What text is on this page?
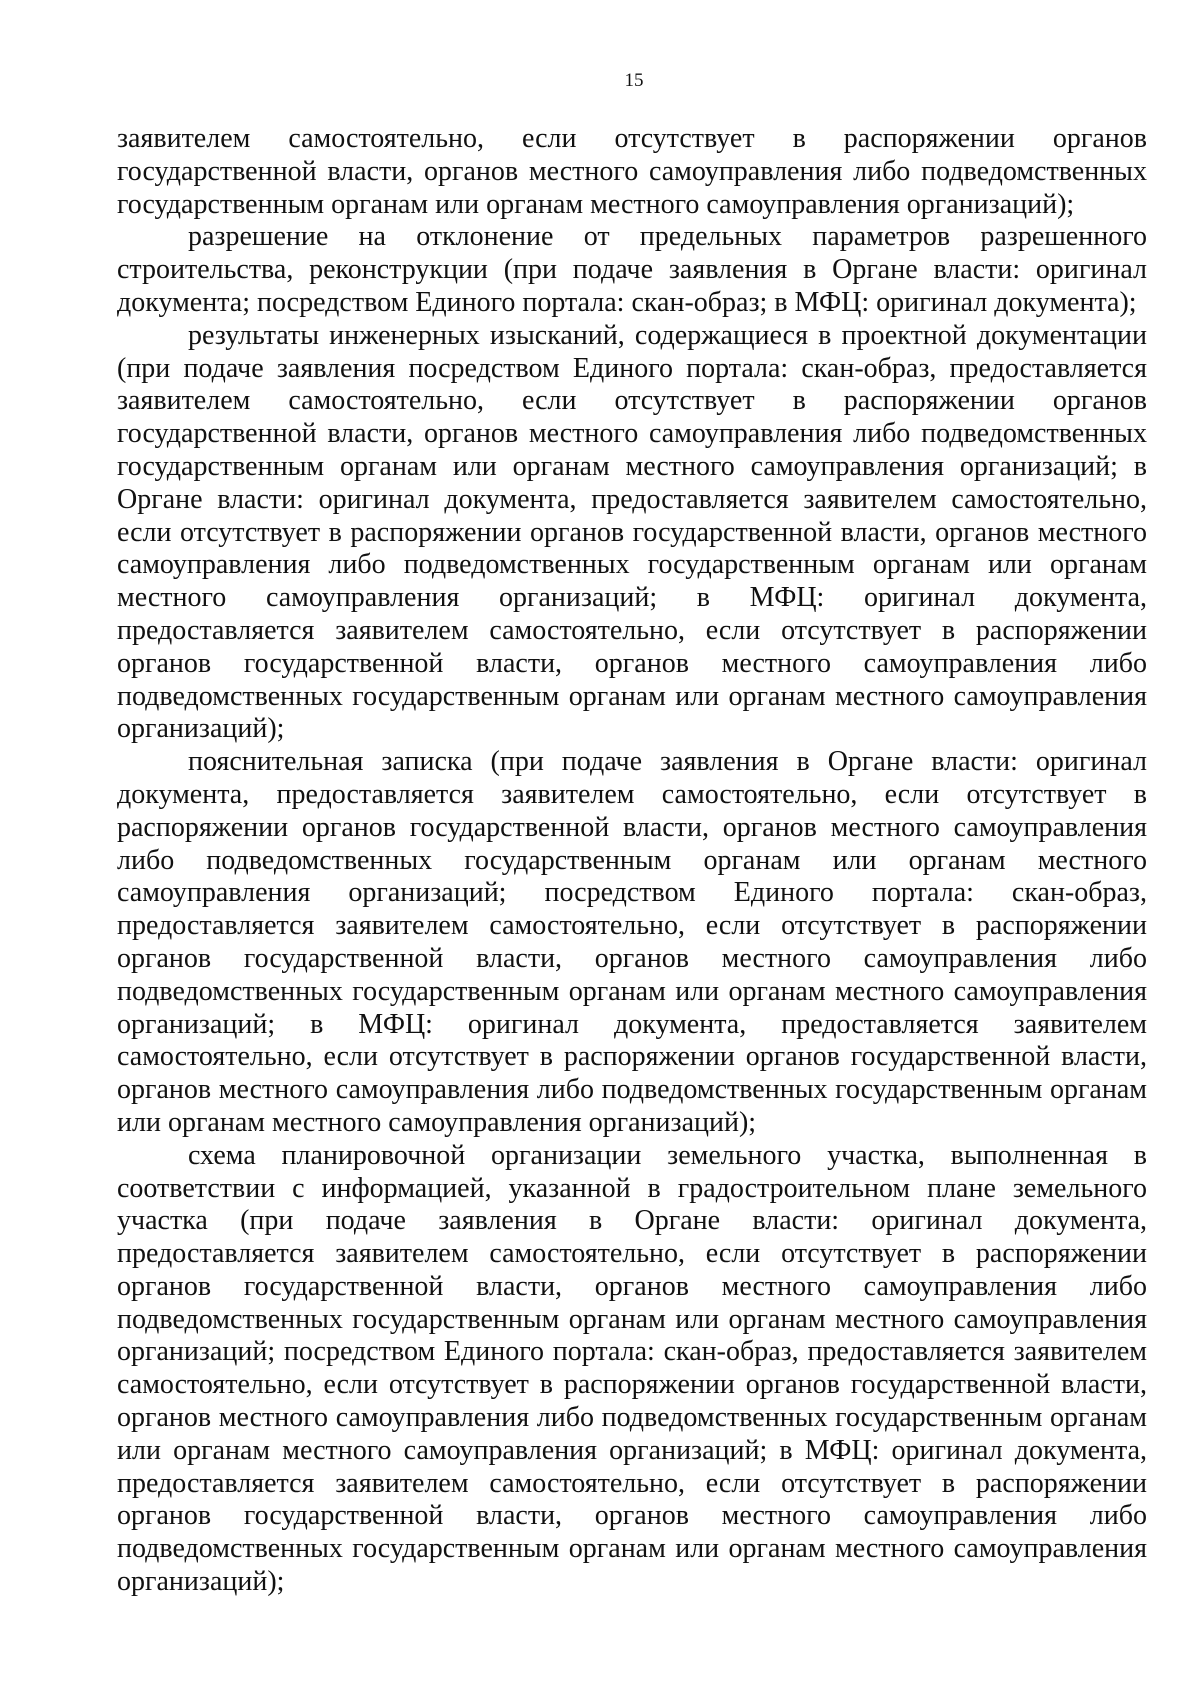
15

заявителем самостоятельно, если отсутствует в распоряжении органов государственной власти, органов местного самоуправления либо подведомственных государственным органам или органам местного самоуправления организаций);

разрешение на отклонение от предельных параметров разрешенного строительства, реконструкции (при подаче заявления в Органе власти: оригинал документа; посредством Единого портала: скан-образ; в МФЦ: оригинал документа);

результаты инженерных изысканий, содержащиеся в проектной документации (при подаче заявления посредством Единого портала: скан-образ, предоставляется заявителем самостоятельно, если отсутствует в распоряжении органов государственной власти, органов местного самоуправления либо подведомственных государственным органам или органам местного самоуправления организаций; в Органе власти: оригинал документа, предоставляется заявителем самостоятельно, если отсутствует в распоряжении органов государственной власти, органов местного самоуправления либо подведомственных государственным органам или органам местного самоуправления организаций; в МФЦ: оригинал документа, предоставляется заявителем самостоятельно, если отсутствует в распоряжении органов государственной власти, органов местного самоуправления либо подведомственных государственным органам или органам местного самоуправления организаций);

пояснительная записка (при подаче заявления в Органе власти: оригинал документа, предоставляется заявителем самостоятельно, если отсутствует в распоряжении органов государственной власти, органов местного самоуправления либо подведомственных государственным органам или органам местного самоуправления организаций; посредством Единого портала: скан-образ, предоставляется заявителем самостоятельно, если отсутствует в распоряжении органов государственной власти, органов местного самоуправления либо подведомственных государственным органам или органам местного самоуправления организаций; в МФЦ: оригинал документа, предоставляется заявителем самостоятельно, если отсутствует в распоряжении органов государственной власти, органов местного самоуправления либо подведомственных государственным органам или органам местного самоуправления организаций);

схема планировочной организации земельного участка, выполненная в соответствии с информацией, указанной в градостроительном плане земельного участка (при подаче заявления в Органе власти: оригинал документа, предоставляется заявителем самостоятельно, если отсутствует в распоряжении органов государственной власти, органов местного самоуправления либо подведомственных государственным органам или органам местного самоуправления организаций; посредством Единого портала: скан-образ, предоставляется заявителем самостоятельно, если отсутствует в распоряжении органов государственной власти, органов местного самоуправления либо подведомственных государственным органам или органам местного самоуправления организаций; в МФЦ: оригинал документа, предоставляется заявителем самостоятельно, если отсутствует в распоряжении органов государственной власти, органов местного самоуправления либо подведомственных государственным органам или органам местного самоуправления организаций);
